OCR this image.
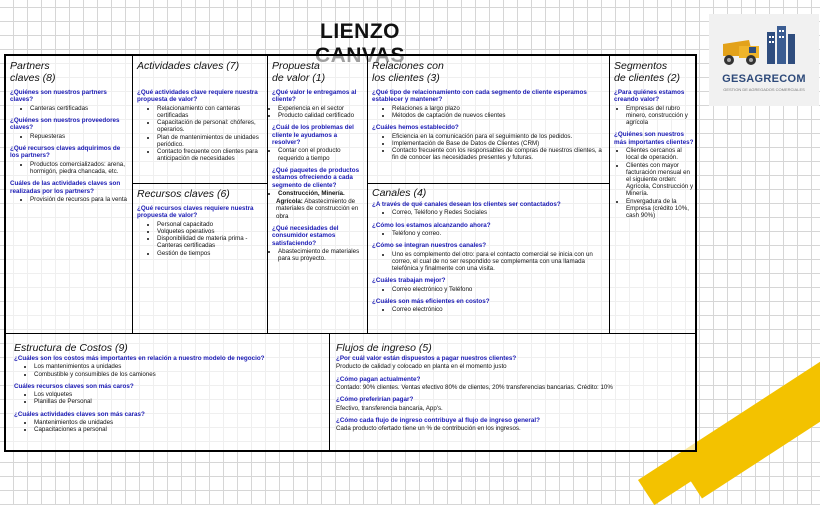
LIENZO
GESAGRECOM
GESTION DE AGREGADOS COMERCIALES
Partners
claves (8)
¿Quiénes son nuestros partners claves?
• Canteras certificadas
¿Quiénes son nuestros proveedores claves?
• Repuesteras
¿Qué recursos claves adquirimos de los partners?
• Productos comercializados: arena, hormigón, piedra chancada, etc.
Cuáles de las actividades claves son realizadas por los partners?
• Provisión de recursos para la venta
Actividades claves (7)
¿Qué actividades clave requiere nuestra propuesta de valor?
• Relacionamiento con canteras certificadas
• Capacitación de personal: chóferes, operarios.
• Plan de mantenimientos de unidades periódico.
• Contacto frecuente con clientes para anticipación de necesidades
Recursos claves (6)
¿Qué recursos claves requiere nuestra propuesta de valor?
• Personal capacitado
• Volquetes operativos
• Disponibilidad de materia prima - Canteras certificadas
• Gestión de tiempos
Propuesta
de valor (1)
¿Qué valor le entregamos al cliente?
• Experiencia en el sector
• Producto calidad certificado
¿Cuál de los problemas del cliente le ayudamos a resolver?
• Contar con el producto requerido a tiempo
¿Qué paquetes de productos estamos ofreciendo a cada segmento de cliente?
• Construcción, Minería.

Agrícola: Abastecimiento de materiales de construcción en obra

¿Qué necesidades del consumidor estamos satisfaciendo?
• Abastecimiento de materiales para su proyecto.
Relaciones con
los clientes (3)
¿Qué tipo de relacionamiento con cada segmento de cliente esperamos establecer y mantener?
• Relaciones a largo plazo
• Métodos de captación de nuevos clientes
¿Cuáles hemos establecido?
• Eficiencia en la comunicación para el seguimiento de los pedidos.
• Implementación de Base de Datos de Clientes (CRM)
• Contacto frecuente con los responsables de compras de nuestros clientes, a fin de conocer las necesidades presentes y futuras.
Canales (4)
¿A través de qué canales desean los clientes ser contactados?
• Correo, Teléfono y Redes Sociales
¿Cómo los estamos alcanzando ahora?
• Teléfono y correo.
¿Cómo se integran nuestros canales?
• Uno es complemento del otro: para el contacto comercial se inicia con un correo, el cual de no ser respondido se complementa con una llamada telefónica y finalmente con una visita.
¿Cuáles trabajan mejor?
• Correo electrónico y Teléfono
¿Cuáles son más eficientes en costos?
• Correo electrónico
Segmentos
de clientes (2)
¿Para quiénes estamos creando valor?
• Empresas del rubro minero, construcción y agrícola
¿Quiénes son nuestros más importantes clientes?
• Clientes cercanos al local de operación.
• Clientes con mayor facturación mensual en el siguiente orden: Agrícola, Construcción y Minería.
• Envergadura de la Empresa (crédito 10%, cash 90%)
Estructura de Costos (9)
¿Cuáles son los costos más importantes en relación a nuestro modelo de negocio?
• Los mantenimientos a unidades
• Combustible y consumibles de los camiones
Cuáles recursos claves son más caros?
• Los volquetes
• Planillas de Personal
¿Cuáles actividades claves son más caras?
• Mantenimientos de unidades
• Capacitaciones a personal
Flujos de ingreso (5)
¿Por cuál valor están dispuestos a pagar nuestros clientes?

Producto de calidad y colocado en planta en el momento justo

¿Cómo pagan actualmente?

Contado: 90% clientes. Ventas efectivo 80% de clientes, 20% transferencias bancarias. Crédito: 10%

¿Cómo preferirían pagar?

Efectivo, transferencia bancaria, App's.

¿Cómo cada flujo de ingreso contribuye al flujo de ingreso general?

Cada producto ofertado tiene un % de contribución en los ingresos.
